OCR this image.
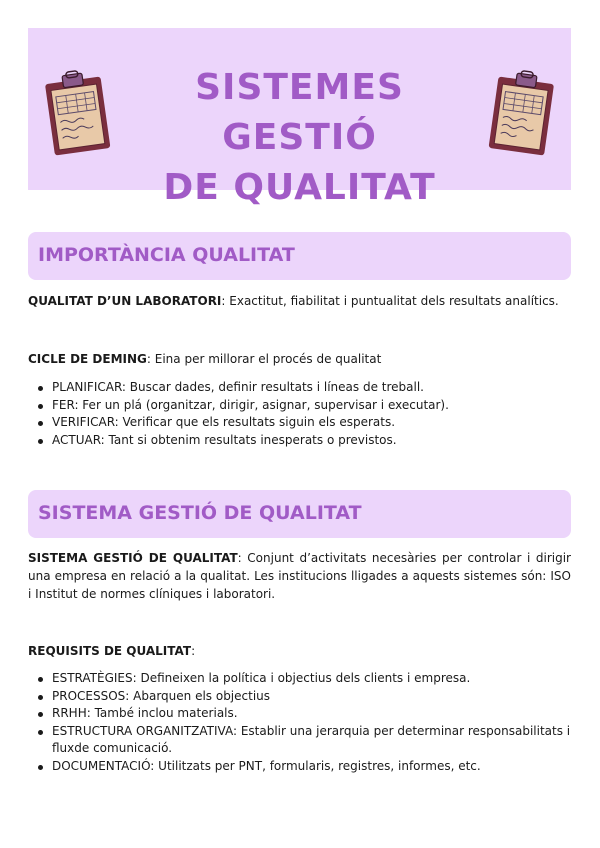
SISTEMES GESTIÓ
DE QUALITAT
IMPORTÀNCIA QUALITAT
QUALITAT D’UN LABORATORI: Exactitut, fiabilitat i puntualitat dels resultats analítics.
CICLE DE DEMING: Eina per millorar el procés de qualitat
PLANIFICAR: Buscar dades, definir resultats i líneas de treball.
FER: Fer un plá (organitzar, dirigir, asignar, supervisar i executar).
VERIFICAR: Verificar que els resultats siguin els esperats.
ACTUAR: Tant si obtenim resultats inesperats o previstos.
SISTEMA GESTIÓ DE QUALITAT
SISTEMA GESTIÓ DE QUALITAT: Conjunt d’activitats necesàries per controlar i dirigir una empresa en relació a la qualitat. Les institucions lligades a aquests sistemes són: ISO i Institut de normes clíniques i laboratori.
REQUISITS DE QUALITAT:
ESTRATÈGIES: Defineixen la política i objectius dels clients i empresa.
PROCESSOS: Abarquen els objectius
RRHH: També inclou materials.
ESTRUCTURA ORGANITZATIVA: Establir una jerarquia per determinar responsabilitats i fluxde comunicació.
DOCUMENTACIÓ: Utilitzats per PNT, formularis, registres, informes, etc.
